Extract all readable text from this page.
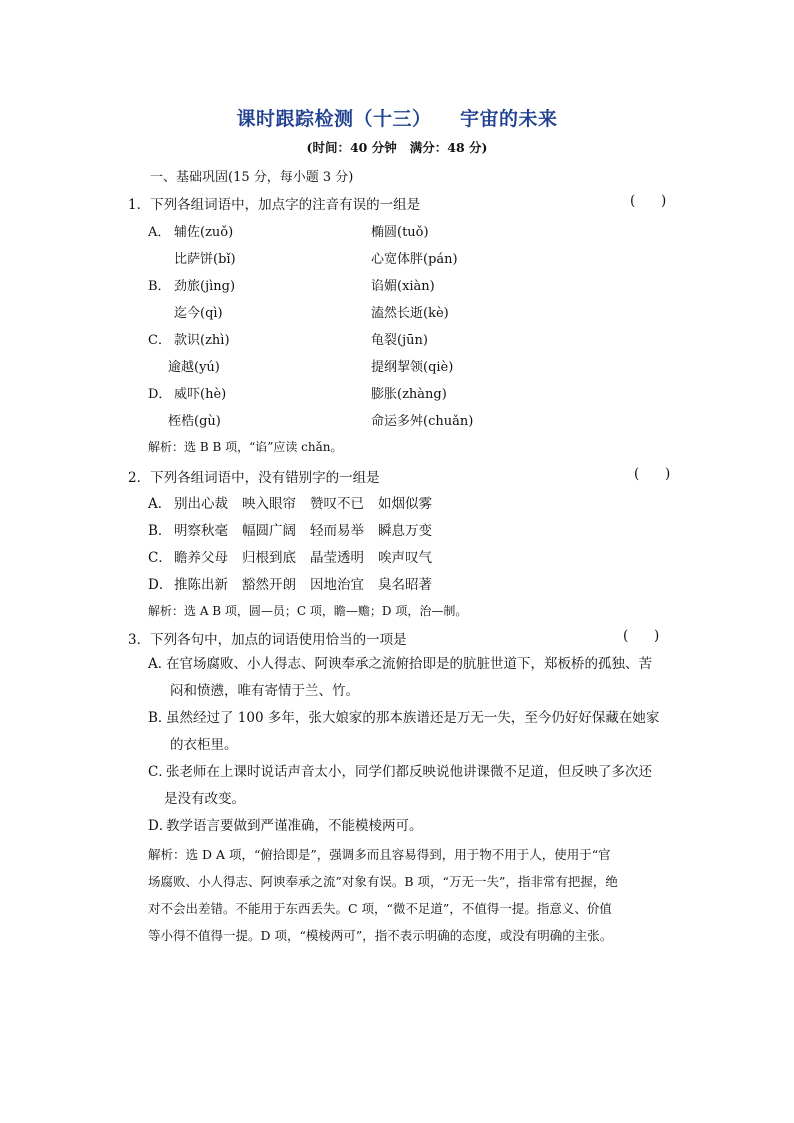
课时跟踪检测（十三）    宇宙的未来
(时间：40 分钟   满分：48 分)
一、基础巩固(15 分，每小题 3 分)
1．下列各组词语中，加点字的注音有误的一组是	(      )
A． 辅佐(zuǒ)	椭圆(tuǒ)
比萨饼(bǐ)	心宽体胖(pán)
B． 劲旅(jìng)	谄媚(xiàn)
迄今(qì)	溘然长逝(kè)
C． 款识(zhì)	龟裂(jūn)
逾越(yú)	提纲挈领(qiè)
D． 威吓(hè)	膨胀(zhàng)
桎梏(gù)	命运多舛(chuǎn)
解析：选 B B 项，“谄”应读 chǎn。
2．下列各组词语中，没有错别字的一组是	(      )
A． 别出心裁 映入眼帘 赞叹不已 如烟似雾
B． 明察秋毫 幅圆广阔 轻而易举 瞬息万变
C． 瞻养父母 归根到底 晶莹透明 唉声叹气
D． 推陈出新 豁然开朗 因地治宜 臭名昭著
解析：选 A B 项，圆—员；C 项，瞻—赡；D 项，治—制。
3．下列各句中，加点的词语使用恰当的一项是	(      )
A．在官场腐败、小人得志、阿谀奉承之流俯拾即是的肮脏世道下，郑板桥的孤独、苦
闷和愤懑，唯有寄情于兰、竹。
B．虽然经过了 100 多年，张大娘家的那本族谱还是万无一失，至今仍好好保藏在她家
的衣柜里。
C．张老师在上课时说话声音太小，同学们都反映说他讲课微不足道，但反映了多次还
是没有改变。
D．教学语言要做到严谨准确，不能模棱两可。
解析：选 D A 项，“俯拾即是”，强调多而且容易得到，用于物不用于人，使用于“官
场腐败、小人得志、阿谀奉承之流”对象有误。B 项，“万无一失”，指非常有把握，绝
对不会出差错。不能用于东西丢失。C 项，“微不足道”，不值得一提。指意义、价值
等小得不值得一提。D 项，“模棱两可”，指不表示明确的态度，或没有明确的主张。
